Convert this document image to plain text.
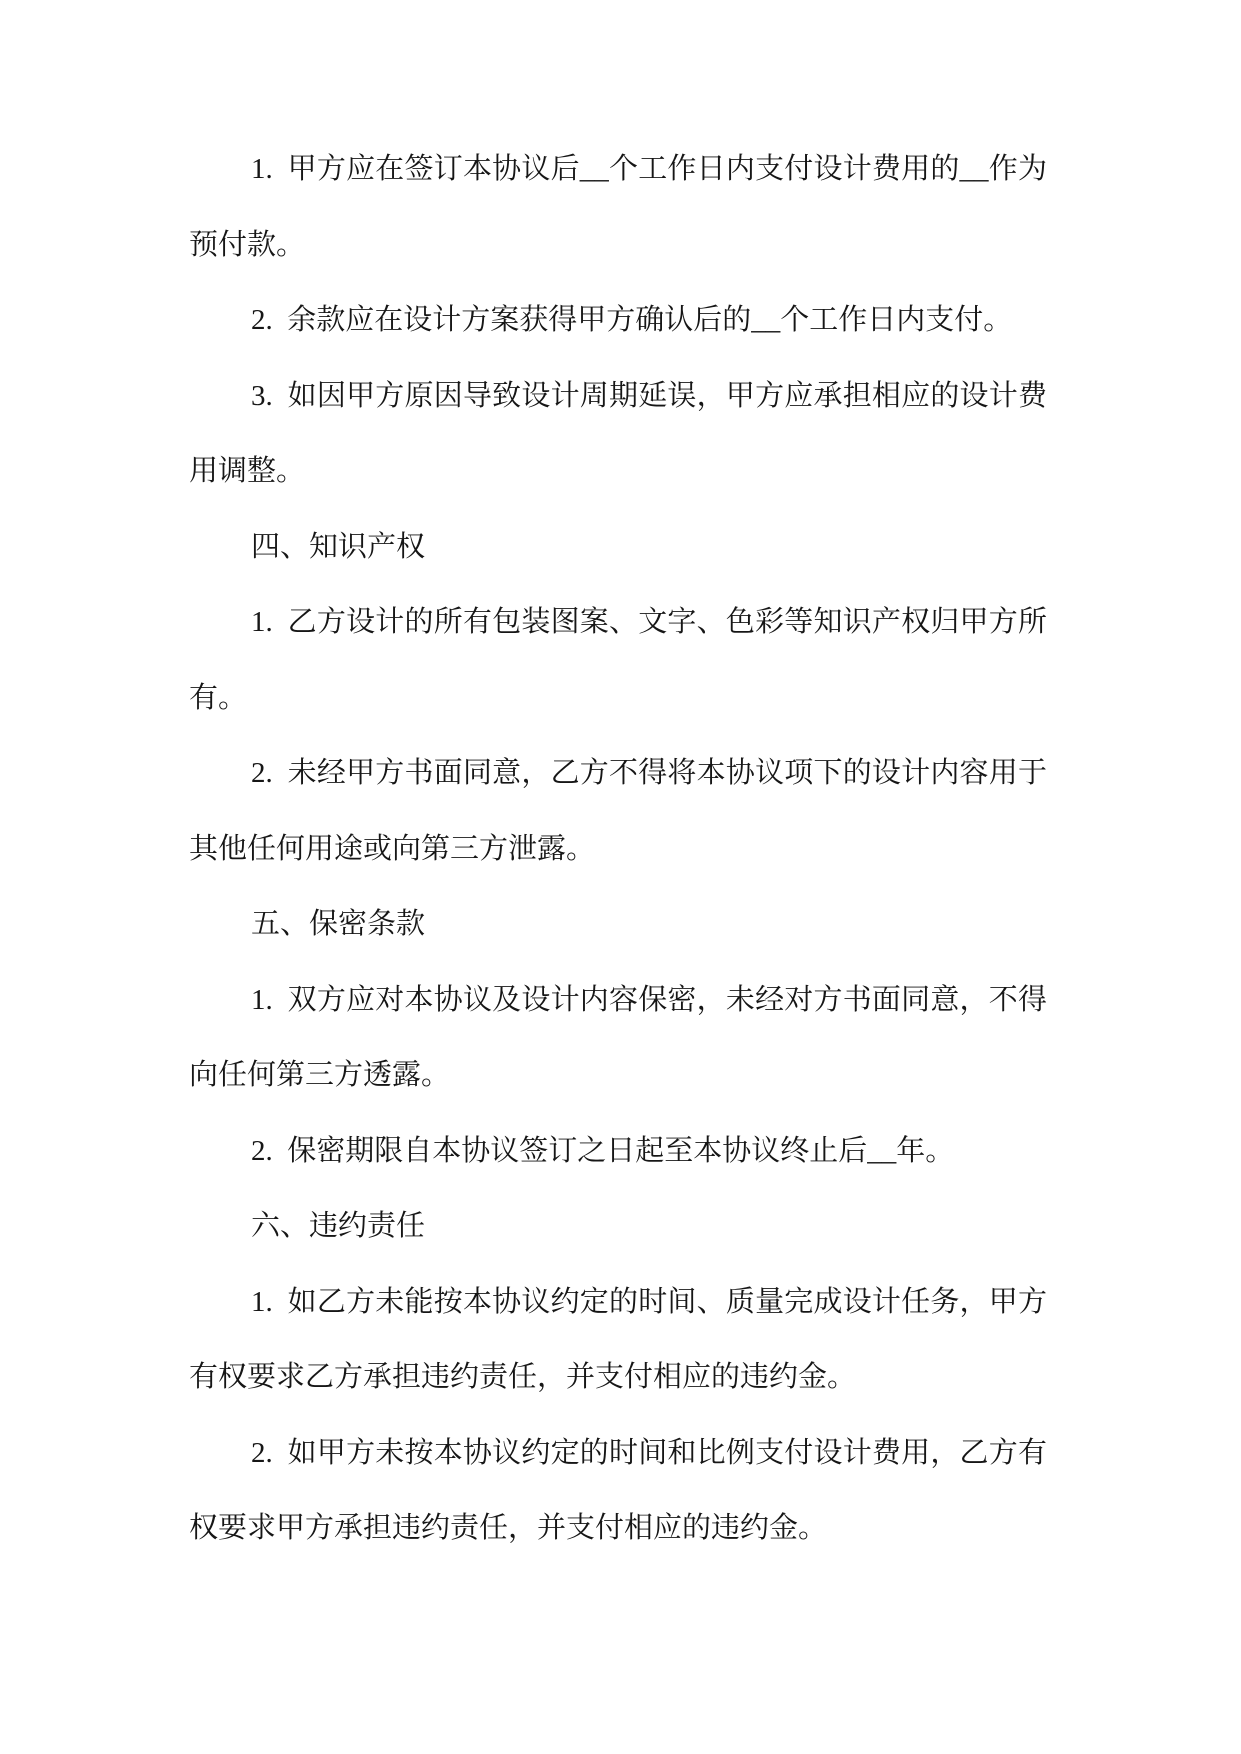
1.  甲方应在签订本协议后__个工作日内支付设计费用的__作为
预付款。
2.  余款应在设计方案获得甲方确认后的__个工作日内支付。
3.  如因甲方原因导致设计周期延误，甲方应承担相应的设计费
用调整。
四、知识产权
1.  乙方设计的所有包装图案、文字、色彩等知识产权归甲方所
有。
2.  未经甲方书面同意，乙方不得将本协议项下的设计内容用于
其他任何用途或向第三方泄露。
五、保密条款
1.  双方应对本协议及设计内容保密，未经对方书面同意，不得
向任何第三方透露。
2.  保密期限自本协议签订之日起至本协议终止后__年。
六、违约责任
1.  如乙方未能按本协议约定的时间、质量完成设计任务，甲方
有权要求乙方承担违约责任，并支付相应的违约金。
2.  如甲方未按本协议约定的时间和比例支付设计费用，乙方有
权要求甲方承担违约责任，并支付相应的违约金。
